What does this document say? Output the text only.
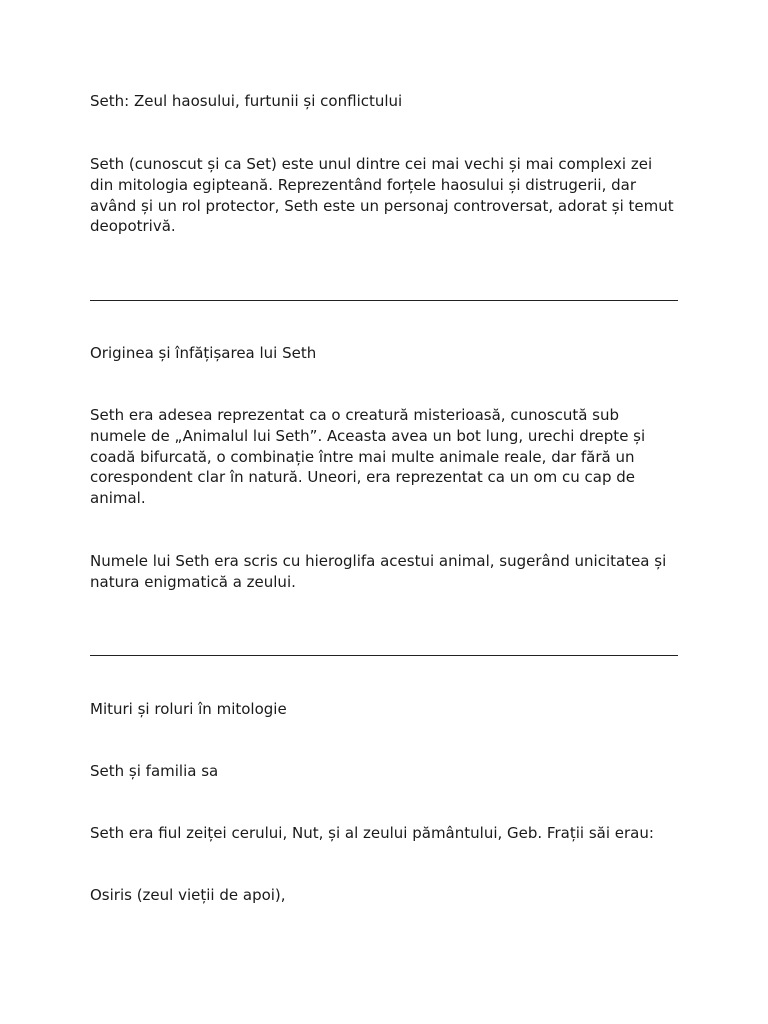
Seth: Zeul haosului, furtunii și conflictului

Seth (cunoscut și ca Set) este unul dintre cei mai vechi și mai complexi zei din mitologia egipteană. Reprezentând forțele haosului și distrugerii, dar având și un rol protector, Seth este un personaj controversat, adorat și temut deopotrivă.

Originea și înfățișarea lui Seth

Seth era adesea reprezentat ca o creatură misterioasă, cunoscută sub numele de „Animalul lui Seth”. Aceasta avea un bot lung, urechi drepte și coadă bifurcată, o combinație între mai multe animale reale, dar fără un corespondent clar în natură. Uneori, era reprezentat ca un om cu cap de animal.

Numele lui Seth era scris cu hieroglifa acestui animal, sugerând unicitatea și natura enigmatică a zeului.

Mituri și roluri în mitologie

Seth și familia sa

Seth era fiul zeiței cerului, Nut, și al zeului pământului, Geb. Frații săi erau:

Osiris (zeul vieții de apoi),
